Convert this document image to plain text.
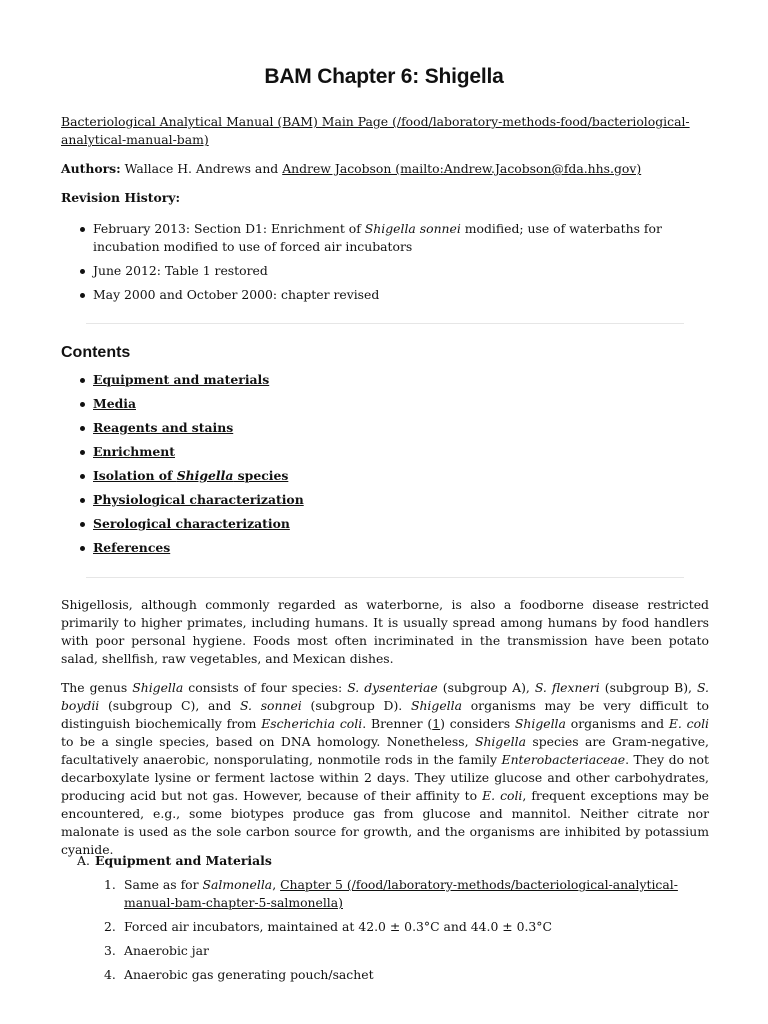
BAM Chapter 6: Shigella

Bacteriological Analytical Manual (BAM) Main Page (/food/laboratory-methods-food/bacteriological-analytical-manual-bam)

Authors: Wallace H. Andrews and Andrew Jacobson (mailto:Andrew.Jacobson@fda.hhs.gov)

Revision History:

February 2013: Section D1: Enrichment of Shigella sonnei modified; use of waterbaths for incubation modified to use of forced air incubators
June 2012: Table 1 restored
May 2000 and October 2000: chapter revised
Contents
Equipment and materials
Media
Reagents and stains
Enrichment
Isolation of Shigella species
Physiological characterization
Serological characterization
References

Shigellosis, although commonly regarded as waterborne, is also a foodborne disease restricted primarily to higher primates, including humans. It is usually spread among humans by food handlers with poor personal hygiene. Foods most often incriminated in the transmission have been potato salad, shellfish, raw vegetables, and Mexican dishes.

The genus Shigella consists of four species: S. dysenteriae (subgroup A), S. flexneri (subgroup B), S. boydii (subgroup C), and S. sonnei (subgroup D). Shigella organisms may be very difficult to distinguish biochemically from Escherichia coli. Brenner (1) considers Shigella organisms and E. coli to be a single species, based on DNA homology. Nonetheless, Shigella species are Gram-negative, facultatively anaerobic, nonsporulating, nonmotile rods in the family Enterobacteriaceae. They do not decarboxylate lysine or ferment lactose within 2 days. They utilize glucose and other carbohydrates, producing acid but not gas. However, because of their affinity to E. coli, frequent exceptions may be encountered, e.g., some biotypes produce gas from glucose and mannitol. Neither citrate nor malonate is used as the sole carbon source for growth, and the organisms are inhibited by potassium cyanide.

A. Equipment and Materials

1. Same as for Salmonella, Chapter 5 (/food/laboratory-methods/bacteriological-analytical-manual-bam-chapter-5-salmonella)
2. Forced air incubators, maintained at 42.0 ± 0.3°C and 44.0 ± 0.3°C
3. Anaerobic jar
4. Anaerobic gas generating pouch/sachet
